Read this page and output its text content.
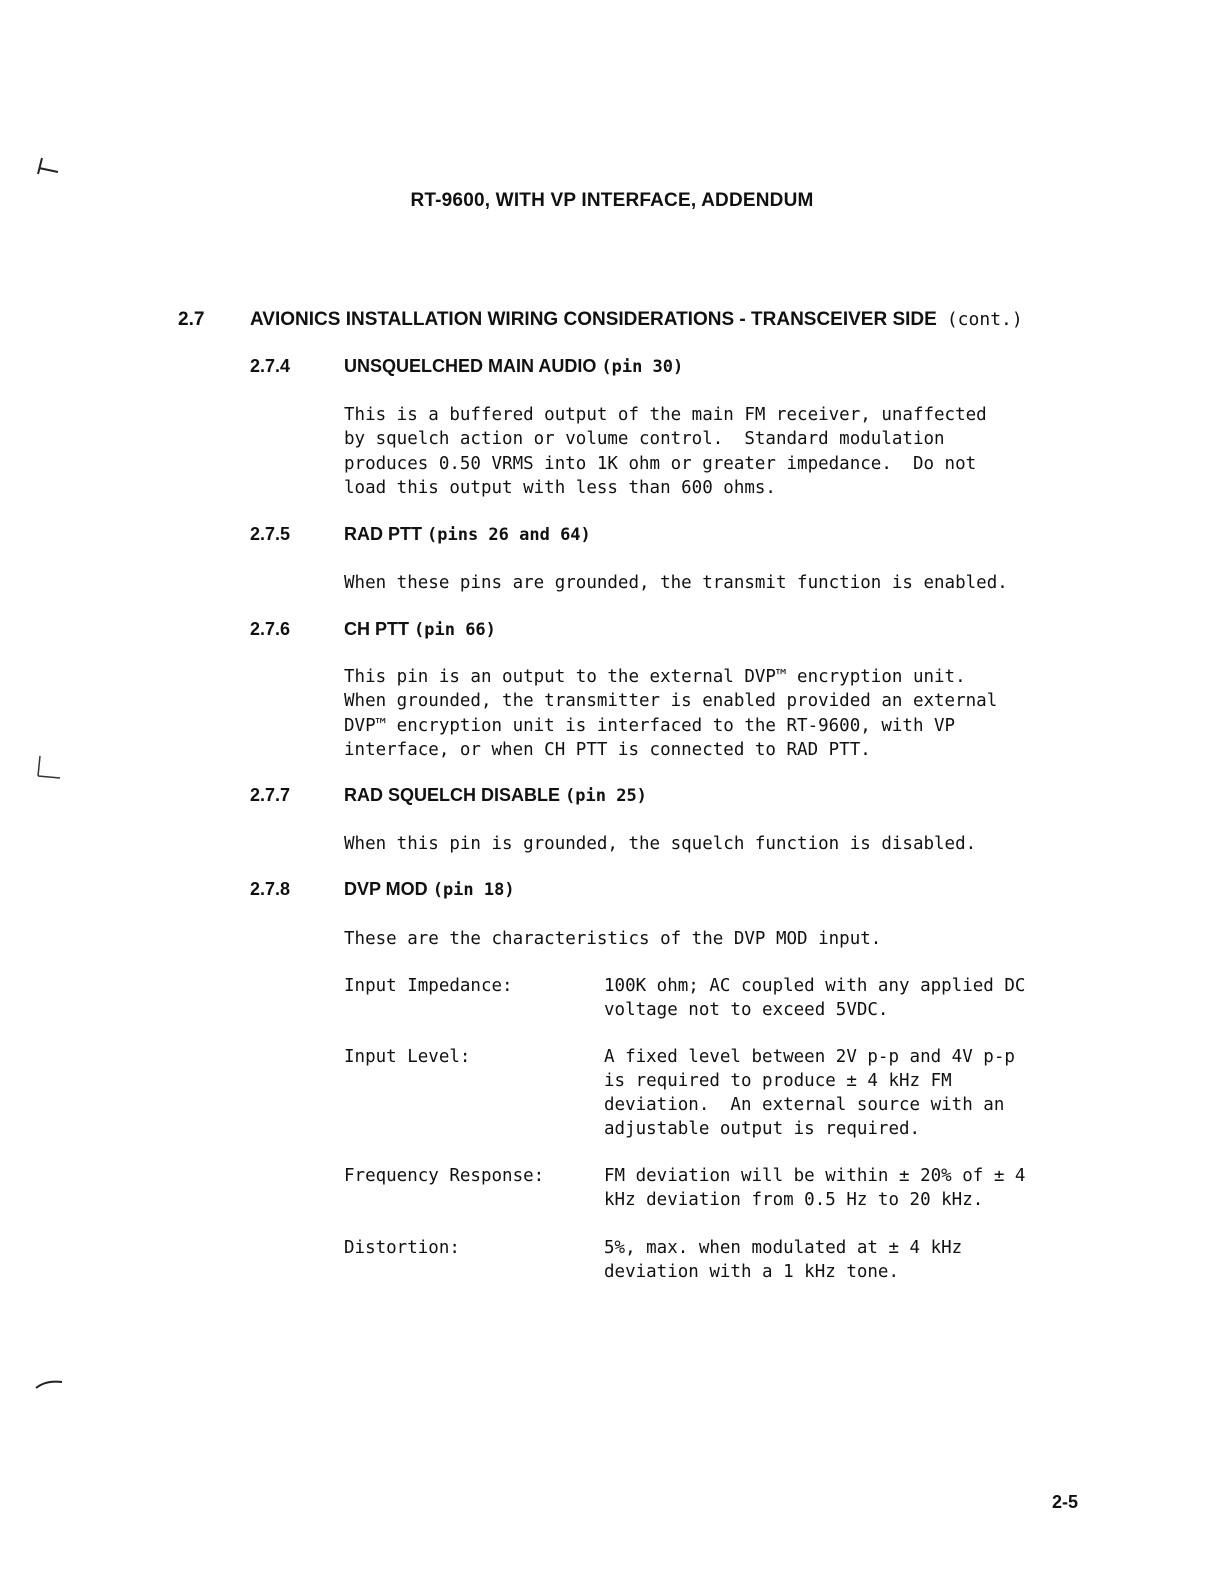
RT-9600, WITH VP INTERFACE, ADDENDUM
2.7 AVIONICS INSTALLATION WIRING CONSIDERATIONS - TRANSCEIVER SIDE (cont.)
2.7.4	UNSQUELCHED MAIN AUDIO (pin 30)
This is a buffered output of the main FM receiver, unaffected
by squelch action or volume control.  Standard modulation
produces 0.50 VRMS into 1K ohm or greater impedance.  Do not
load this output with less than 600 ohms.
2.7.5	RAD PTT (pins 26 and 64)
When these pins are grounded, the transmit function is enabled.
2.7.6	CH PTT (pin 66)
This pin is an output to the external DVP™ encryption unit.
When grounded, the transmitter is enabled provided an external
DVP™ encryption unit is interfaced to the RT-9600, with VP
interface, or when CH PTT is connected to RAD PTT.
2.7.7	RAD SQUELCH DISABLE (pin 25)
When this pin is grounded, the squelch function is disabled.
2.7.8	DVP MOD (pin 18)
These are the characteristics of the DVP MOD input.
Input Impedance:	100K ohm; AC coupled with any applied DC
voltage not to exceed 5VDC.
Input Level:	A fixed level between 2V p-p and 4V p-p
is required to produce ± 4 kHz FM
deviation.  An external source with an
adjustable output is required.
Frequency Response:	FM deviation will be within ± 20% of ± 4
kHz deviation from 0.5 Hz to 20 kHz.
Distortion:	5%, max. when modulated at ± 4 kHz
deviation with a 1 kHz tone.
2-5
